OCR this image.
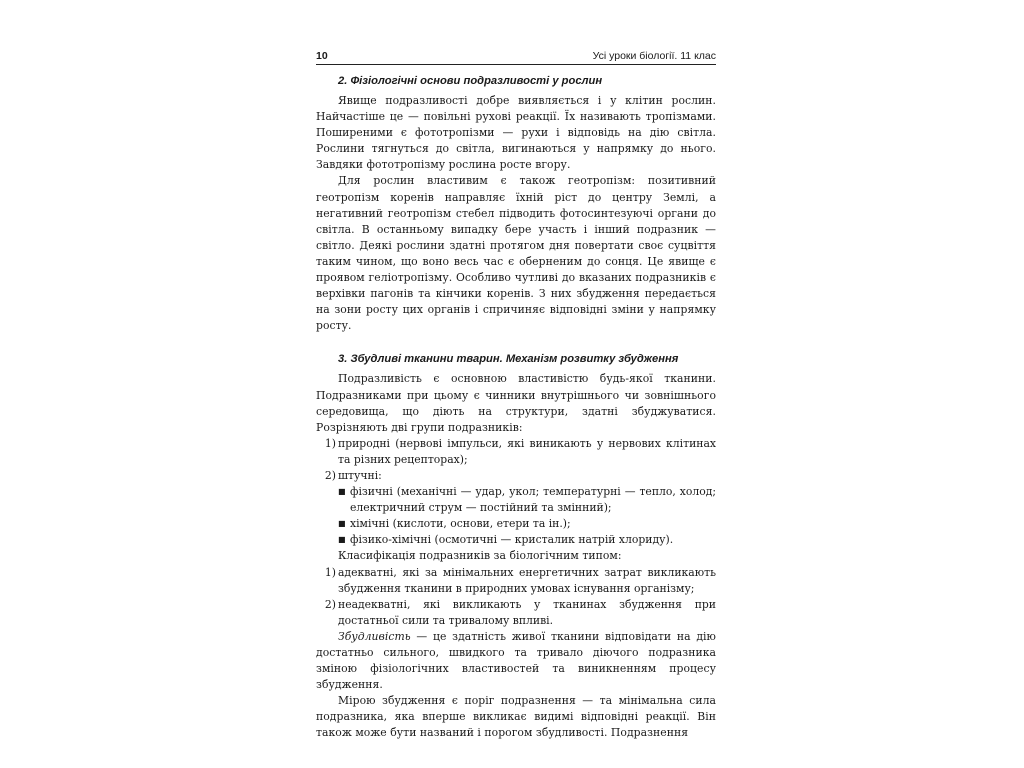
10	Усі уроки біології. 11 клас
2. Фізіологічні основи подразливості у рослин

Явище подразливості добре виявляється і у клітин рослин. Найчастіше це — повільні рухові реакції. Їх називають тропізмами. Поширеними є фототропізми — рухи і відповідь на дію світла. Рослини тягнуться до світла, вигинаються у напрямку до нього. Завдяки фототропізму рослина росте вгору.

Для рослин властивим є також геотропізм: позитивний геотропізм коренів направляє їхній ріст до центру Землі, а негативний геотропізм стебел підводить фотосинтезуючі органи до світла. В останньому випадку бере участь і інший подразник — світло. Деякі рослини здатні протягом дня повертати своє суцвіття таким чином, що воно весь час є оберненим до сонця. Це явище є проявом геліотропізму. Особливо чутливі до вказаних подразників є верхівки пагонів та кінчики коренів. З них збудження передається на зони росту цих органів і спричиняє відповідні зміни у напрямку росту.

3. Збудливі тканини тварин. Механізм розвитку збудження

Подразливість є основною властивістю будь-якої тканини. Подразниками при цьому є чинники внутрішнього чи зовнішнього середовища, що діють на структури, здатні збуджуватися. Розрізняють дві групи подразників:

1) природні (нервові імпульси, які виникають у нервових клітинах та різних рецепторах);
2) штучні:
■ фізичні (механічні — удар, укол; температурні — тепло, холод; електричний струм — постійний та змінний);
■ хімічні (кислоти, основи, етери та ін.);
■ фізико-хімічні (осмотичні — кристалик натрій хлориду).

Класифікація подразників за біологічним типом:

1) адекватні, які за мінімальних енергетичних затрат викликають збудження тканини в природних умовах існування організму;
2) неадекватні, які викликають у тканинах збудження при достатньої сили та тривалому впливі.

Збудливість — це здатність живої тканини відповідати на дію достатньо сильного, швидкого та тривало діючого подразника зміною фізіологічних властивостей та виникненням процесу збудження.

Мірою збудження є поріг подразнення — та мінімальна сила подразника, яка вперше викликає видимі відповідні реакції. Він також може бути названий і порогом збудливості. Подразнення
